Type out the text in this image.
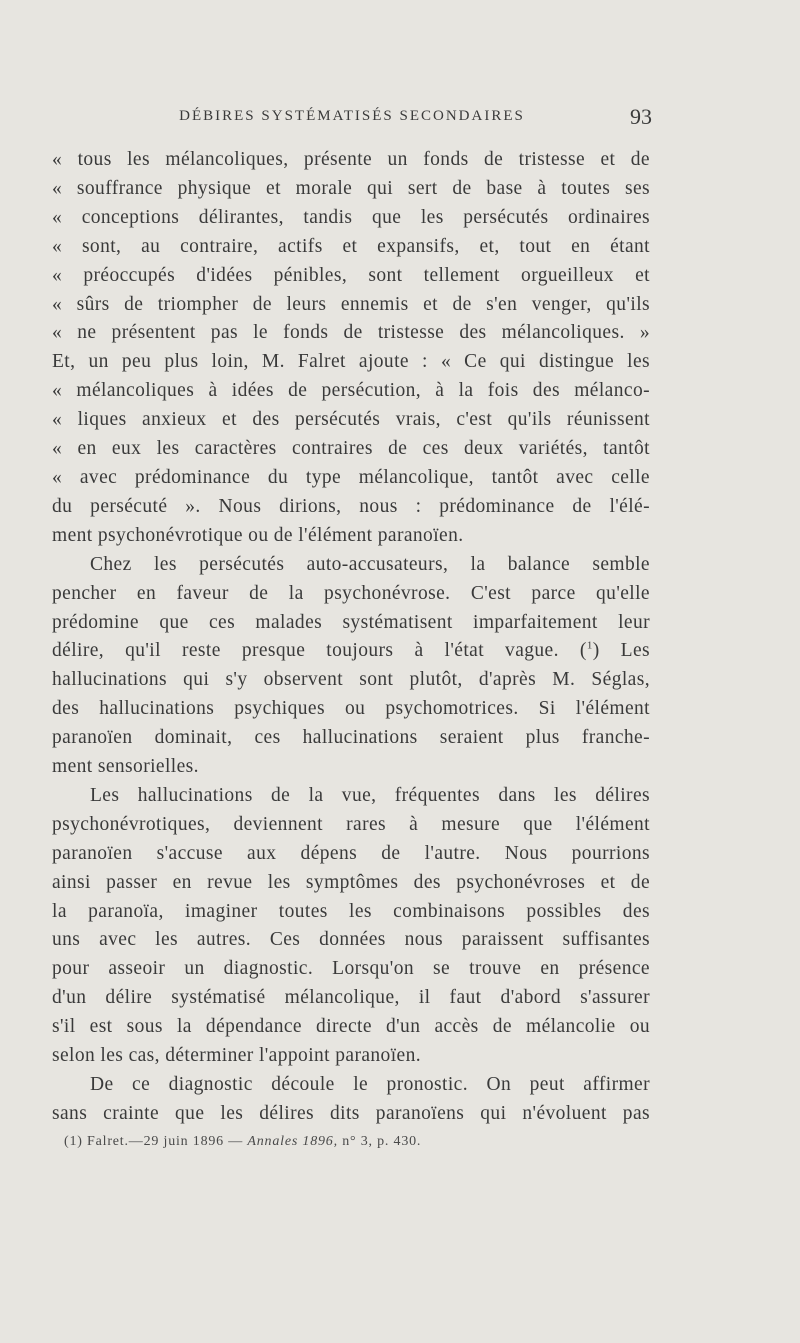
DÉBIRES SYSTÉMATISÉS SECONDAIRES	93
« tous les mélancoliques, présente un fonds de tristesse et de
« souffrance physique et morale qui sert de base à toutes ses
« conceptions délirantes, tandis que les persécutés ordinaires
« sont, au contraire, actifs et expansifs, et, tout en étant
« préoccupés d'idées pénibles, sont tellement orgueilleux et
« sûrs de triompher de leurs ennemis et de s'en venger, qu'ils
« ne présentent pas le fonds de tristesse des mélancoliques. »
Et, un peu plus loin, M. Falret ajoute : « Ce qui distingue les
« mélancoliques à idées de persécution, à la fois des mélanco-
« liques anxieux et des persécutés vrais, c'est qu'ils réunissent
« en eux les caractères contraires de ces deux variétés, tantôt
« avec prédominance du type mélancolique, tantôt avec celle
du persécuté ». Nous dirions, nous : prédominance de l'élé-
ment psychonévrotique ou de l'élément paranoïen.
Chez les persécutés auto-accusateurs, la balance semble
pencher en faveur de la psychonévrose. C'est parce qu'elle
prédomine que ces malades systématisent imparfaitement leur
délire, qu'il reste presque toujours à l'état vague. ($^1$) Les
hallucinations qui s'y observent sont plutôt, d'après M. Séglas,
des hallucinations psychiques ou psychomotrices. Si l'élément
paranoïen dominait, ces hallucinations seraient plus franche-
ment sensorielles.
Les hallucinations de la vue, fréquentes dans les délires
psychonévrotiques, deviennent rares à mesure que l'élément
paranoïen s'accuse aux dépens de l'autre. Nous pourrions
ainsi passer en revue les symptômes des psychonévroses et de
la paranoïa, imaginer toutes les combinaisons possibles des
uns avec les autres. Ces données nous paraissent suffisantes
pour asseoir un diagnostic. Lorsqu'on se trouve en présence
d'un délire systématisé mélancolique, il faut d'abord s'assurer
s'il est sous la dépendance directe d'un accès de mélancolie ou
selon les cas, déterminer l'appoint paranoïen.
De ce diagnostic découle le pronostic. On peut affirmer
sans crainte que les délires dits paranoïens qui n'évoluent pas
(1) Falret.—29 juin 1896 — Annales 1896, n° 3, p. 430.
